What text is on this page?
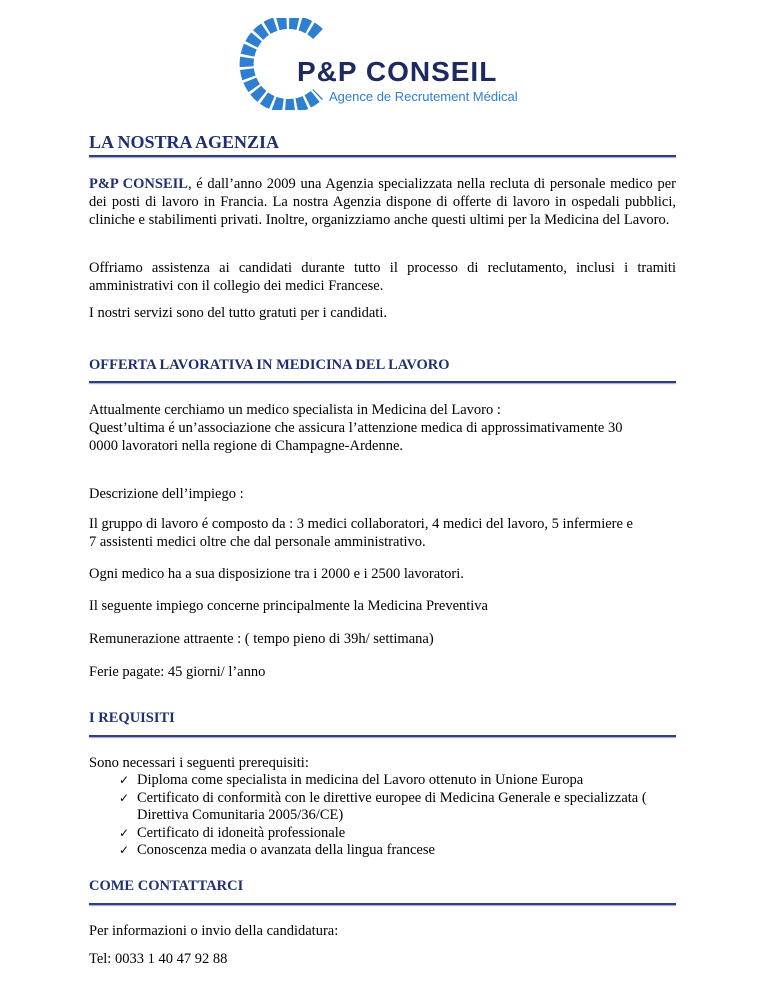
P&P CONSEIL
Agence de Recrutement Médical
LA NOSTRA AGENZIA
P&P CONSEIL, é dall’anno 2009 una Agenzia specializzata nella recluta di personale medico per dei posti di lavoro in Francia. La nostra Agenzia dispone di offerte di lavoro in ospedali pubblici, cliniche e stabilimenti privati. Inoltre, organizziamo anche questi ultimi per la Medicina del Lavoro.
Offriamo assistenza ai candidati durante tutto il processo di reclutamento, inclusi i tramiti amministrativi con il collegio dei medici Francese.
I nostri servizi sono del tutto gratuti per i candidati.
OFFERTA LAVORATIVA IN MEDICINA DEL LAVORO
Attualmente cerchiamo un medico specialista in Medicina del Lavoro :
Quest’ultima é un’associazione che assicura l’attenzione medica di approssimativamente 30
0000 lavoratori nella regione di Champagne-Ardenne.
Descrizione dell’impiego :
Il gruppo di lavoro é composto da : 3 medici collaboratori, 4 medici del lavoro, 5 infermiere e
7 assistenti medici oltre che dal personale amministrativo.
Ogni medico ha a sua disposizione tra i 2000 e i 2500 lavoratori.
Il seguente impiego concerne principalmente la Medicina Preventiva
Remunerazione attraente : ( tempo pieno di 39h/ settimana)
Ferie pagate: 45 giorni/ l’anno
I REQUISITI
Sono necessari i seguenti prerequisiti:
✓ Diploma come specialista in medicina del Lavoro ottenuto in Unione Europa
✓ Certificato di conformità con le direttive europee di Medicina Generale e specializzata ( Direttiva Comunitaria 2005/36/CE)
✓ Certificato di idoneità professionale
✓ Conoscenza media o avanzata della lingua francese
COME CONTATTARCI
Per informazioni o invio della candidatura:
Tel: 0033 1 40 47 92 88
